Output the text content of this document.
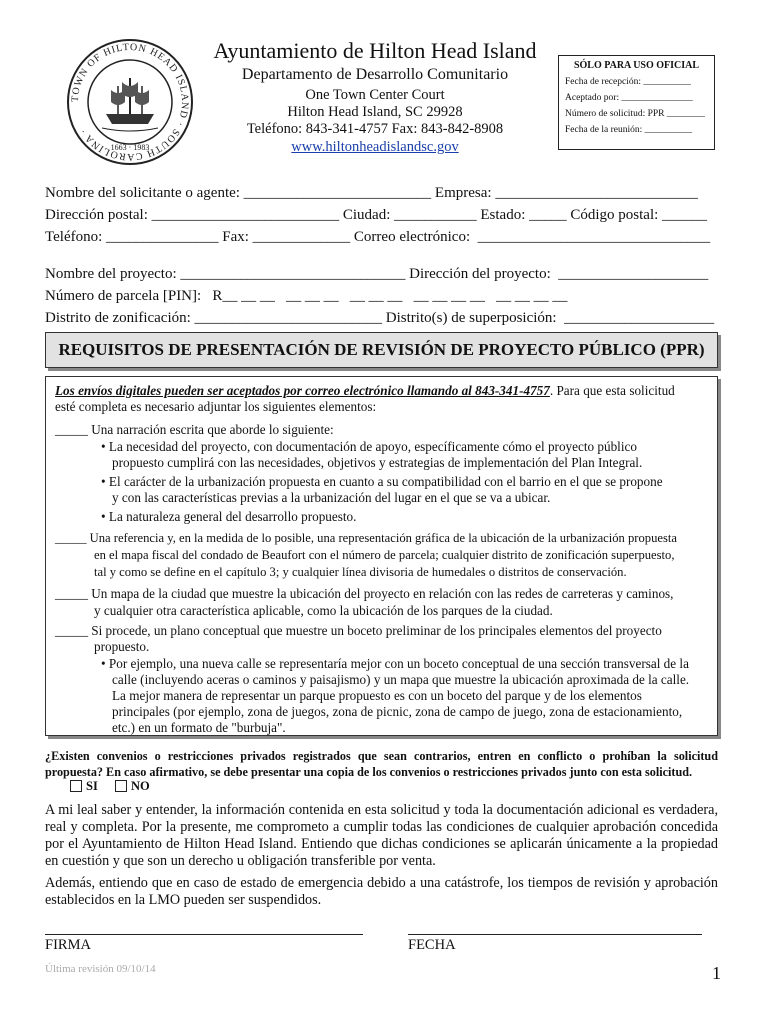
TOWN OF HILTON HEAD ISLAND · SOUTH CAROLINA ·
1663 · 1983
Ayuntamiento de Hilton Head Island
Departamento de Desarrollo Comunitario
One Town Center Court
Hilton Head Island, SC 29928
Teléfono: 843-341-4757 Fax: 843-842-8908
www.hiltonheadislandsc.gov
SÓLO PARA USO OFICIAL
Fecha de recepción: __________
Aceptado por: _______________
Número de solicitud: PPR ________
Fecha de la reunión: __________
Nombre del solicitante o agente: _________________________ Empresa: ___________________________
Dirección postal: _________________________ Ciudad: ___________ Estado: _____ Código postal: ______
Teléfono: _______________ Fax: _____________ Correo electrónico:  _______________________________
Nombre del proyecto: ______________________________ Dirección del proyecto:  ____________________
Número de parcela [PIN]:   R__ __ __   __ __ __   __ __ __   __ __ __ __   __ __ __ __
Distrito de zonificación: _________________________ Distrito(s) de superposición:  ____________________
REQUISITOS DE PRESENTACIÓN DE REVISIÓN DE PROYECTO PÚBLICO (PPR)
Los envíos digitales pueden ser aceptados por correo electrónico llamando al 843-341-4757. Para que esta solicitud
esté completa es necesario adjuntar los siguientes elementos:
_____ Una narración escrita que aborde lo siguiente:
• La necesidad del proyecto, con documentación de apoyo, específicamente cómo el proyecto público
propuesto cumplirá con las necesidades, objetivos y estrategias de implementación del Plan Integral.
• El carácter de la urbanización propuesta en cuanto a su compatibilidad con el barrio en el que se propone
y con las características previas a la urbanización del lugar en el que se va a ubicar.
• La naturaleza general del desarrollo propuesto.
_____ Una referencia y, en la medida de lo posible, una representación gráfica de la ubicación de la urbanización propuesta
en el mapa fiscal del condado de Beaufort con el número de parcela; cualquier distrito de zonificación superpuesto,
tal y como se define en el capítulo 3; y cualquier línea divisoria de humedales o distritos de conservación.
_____ Un mapa de la ciudad que muestre la ubicación del proyecto en relación con las redes de carreteras y caminos,
y cualquier otra característica aplicable, como la ubicación de los parques de la ciudad.
_____ Si procede, un plano conceptual que muestre un boceto preliminar de los principales elementos del proyecto
propuesto.
• Por ejemplo, una nueva calle se representaría mejor con un boceto conceptual de una sección transversal de la
calle (incluyendo aceras o caminos y paisajismo) y un mapa que muestre la ubicación aproximada de la calle.
La mejor manera de representar un parque propuesto es con un boceto del parque y de los elementos
principales (por ejemplo, zona de juegos, zona de picnic, zona de campo de juego, zona de estacionamiento,
etc.) en un formato de "burbuja".
¿Existen convenios o restricciones privados registrados que sean contrarios, entren en conflicto o prohíban la solicitud propuesta? En caso afirmativo, se debe presentar una copia de los convenios o restricciones privados junto con esta solicitud.
SI	NO
A mi leal saber y entender, la información contenida en esta solicitud y toda la documentación adicional es verdadera, real y completa. Por la presente, me comprometo a cumplir todas las condiciones de cualquier aprobación concedida por el Ayuntamiento de Hilton Head Island. Entiendo que dichas condiciones se aplicarán únicamente a la propiedad en cuestión y que son un derecho u obligación transferible por venta.
Además, entiendo que en caso de estado de emergencia debido a una catástrofe, los tiempos de revisión y aprobación establecidos en la LMO pueden ser suspendidos.
FIRMA	FECHA
Última revisión 09/10/14	1
